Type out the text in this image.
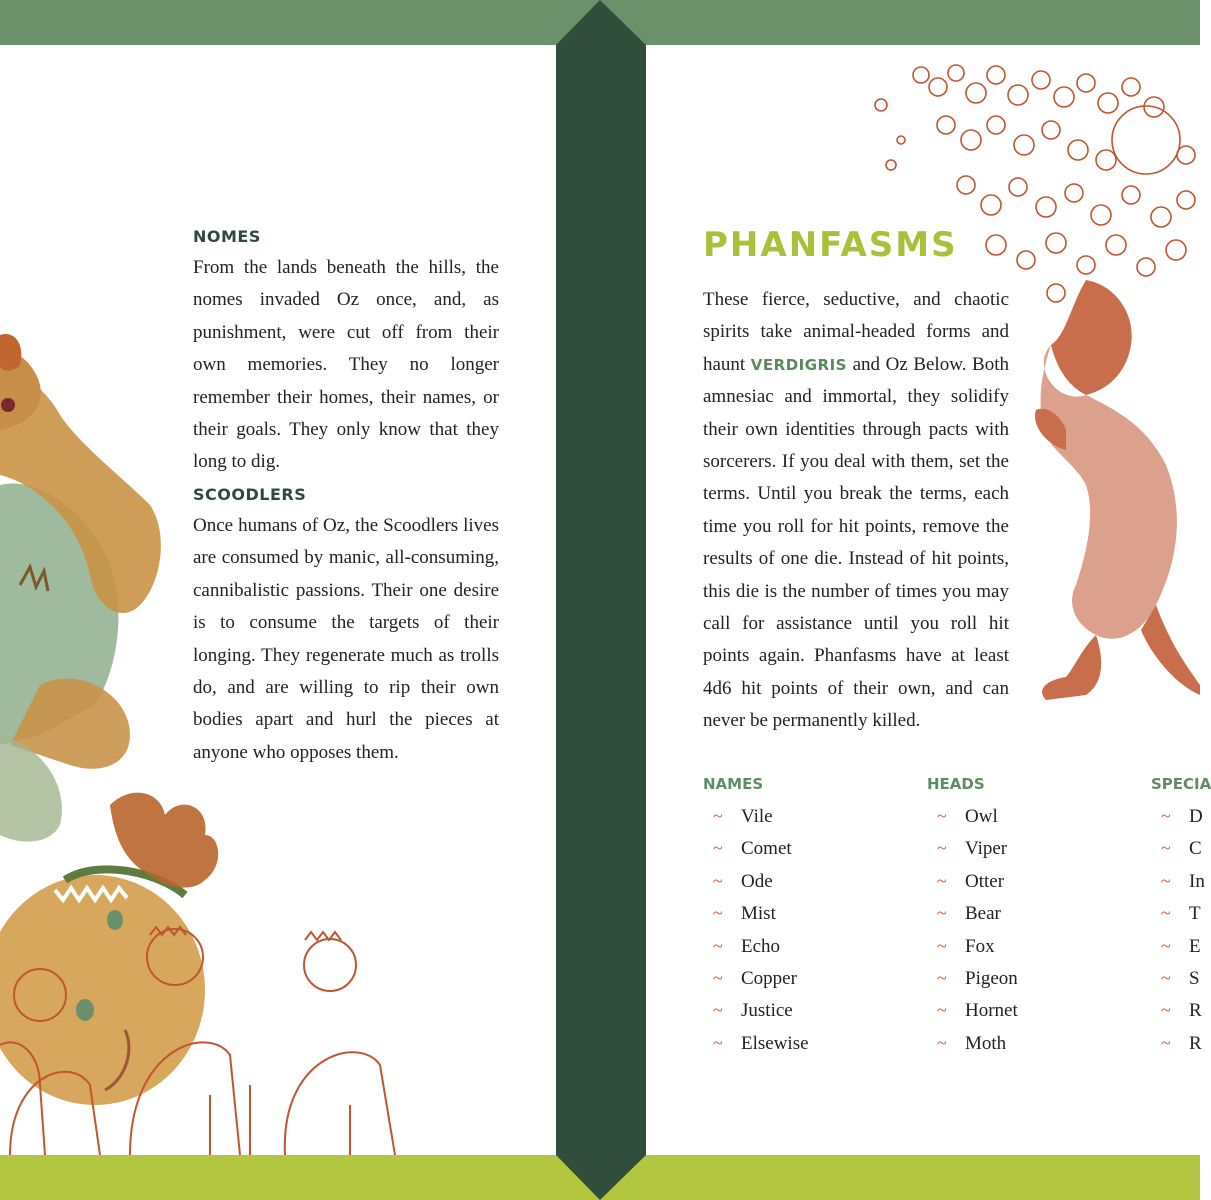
NOMES

From the lands beneath the hills, the nomes invaded Oz once, and, as punishment, were cut off from their own memories. They no longer remember their homes, their names, or their goals. They only know that they long to dig.

SCOODLERS

Once humans of Oz, the Scoodlers lives are consumed by manic, all-consuming, cannibalistic passions. Their one desire is to consume the targets of their longing. They regenerate much as trolls do, and are willing to rip their own bodies apart and hurl the pieces at anyone who opposes them.

PHANFASMS

These fierce, seductive, and chaotic spirits take animal-headed forms and haunt VERDIGRIS and Oz Below. Both amnesiac and immortal, they solidify their own identities through pacts with sorcerers. If you deal with them, set the terms. Until you break the terms, each time you roll for hit points, remove the results of one die. Instead of hit points, this die is the number of times you may call for assistance until you roll hit points again. Phanfasms have at least 4d6 hit points of their own, and can never be permanently killed.

NAMES
~ Vile
~ Comet
~ Ode
~ Mist
~ Echo
~ Copper
~ Justice
~ Elsewise
HEADS
~ Owl
~ Viper
~ Otter
~ Bear
~ Fox
~ Pigeon
~ Hornet
~ Moth
SPECIA
~ D
~ C
~ In
~ T
~ E
~ S
~ R
~ R
